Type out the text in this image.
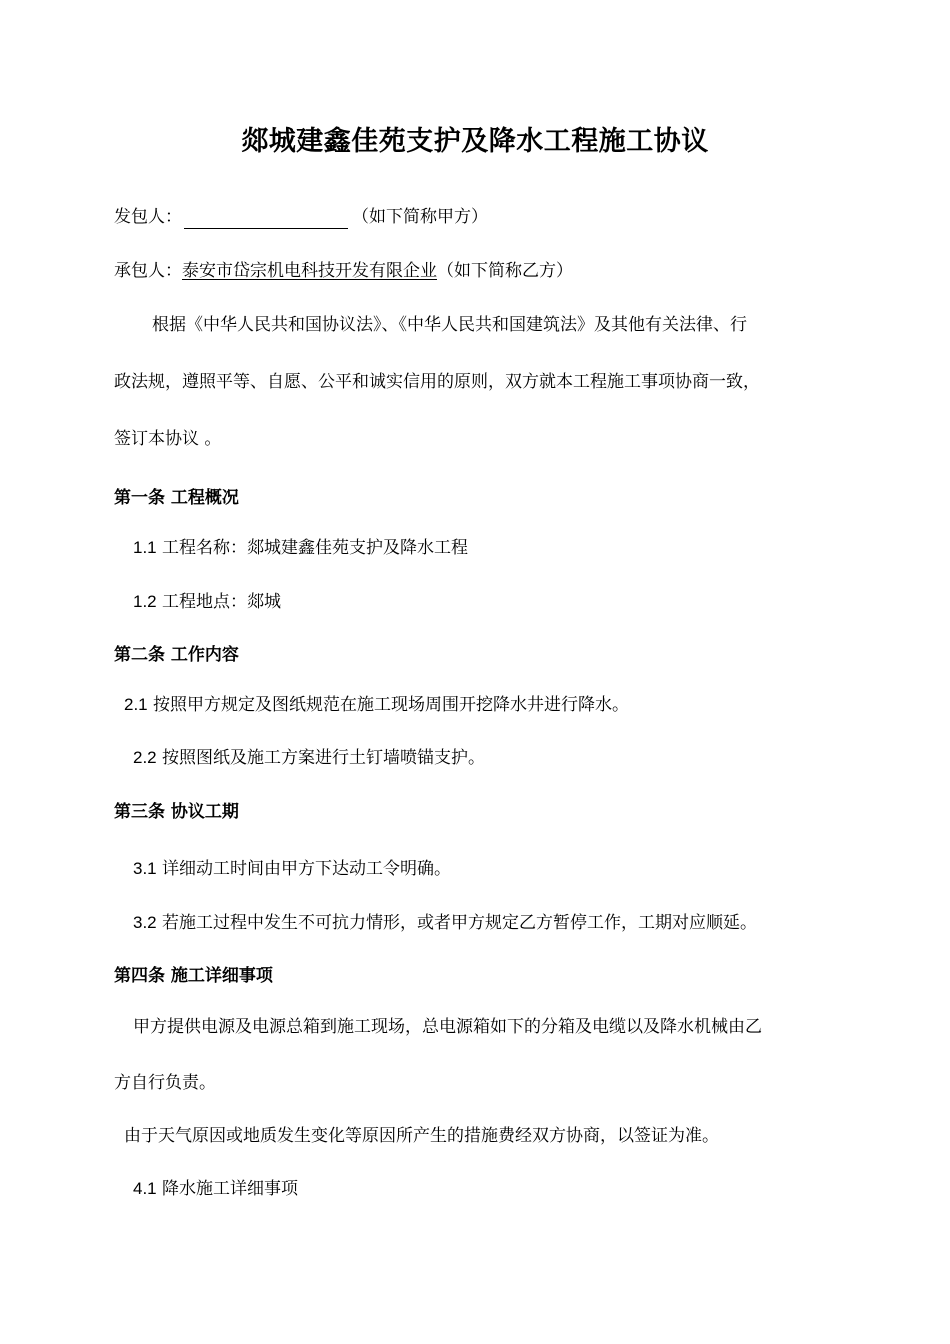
郯城建鑫佳苑支护及降水工程施工协议
发包人：	（如下简称甲方）
承包人：泰安市岱宗机电科技开发有限企业（如下简称乙方）
根据《中华人民共和国协议法》、《中华人民共和国建筑法》及其他有关法律、行
政法规，遵照平等、自愿、公平和诚实信用的原则，双方就本工程施工事项协商一致，
签订本协议 。
第一条 工程概况
1.1 工程名称：郯城建鑫佳苑支护及降水工程
1.2 工程地点：郯城
第二条 工作内容
2.1 按照甲方规定及图纸规范在施工现场周围开挖降水井进行降水。
2.2 按照图纸及施工方案进行土钉墙喷锚支护。
第三条 协议工期
3.1 详细动工时间由甲方下达动工令明确。
3.2 若施工过程中发生不可抗力情形，或者甲方规定乙方暂停工作，工期对应顺延。
第四条 施工详细事项
甲方提供电源及电源总箱到施工现场，总电源箱如下的分箱及电缆以及降水机械由乙
方自行负责。
由于天气原因或地质发生变化等原因所产生的措施费经双方协商，以签证为准。
4.1 降水施工详细事项
